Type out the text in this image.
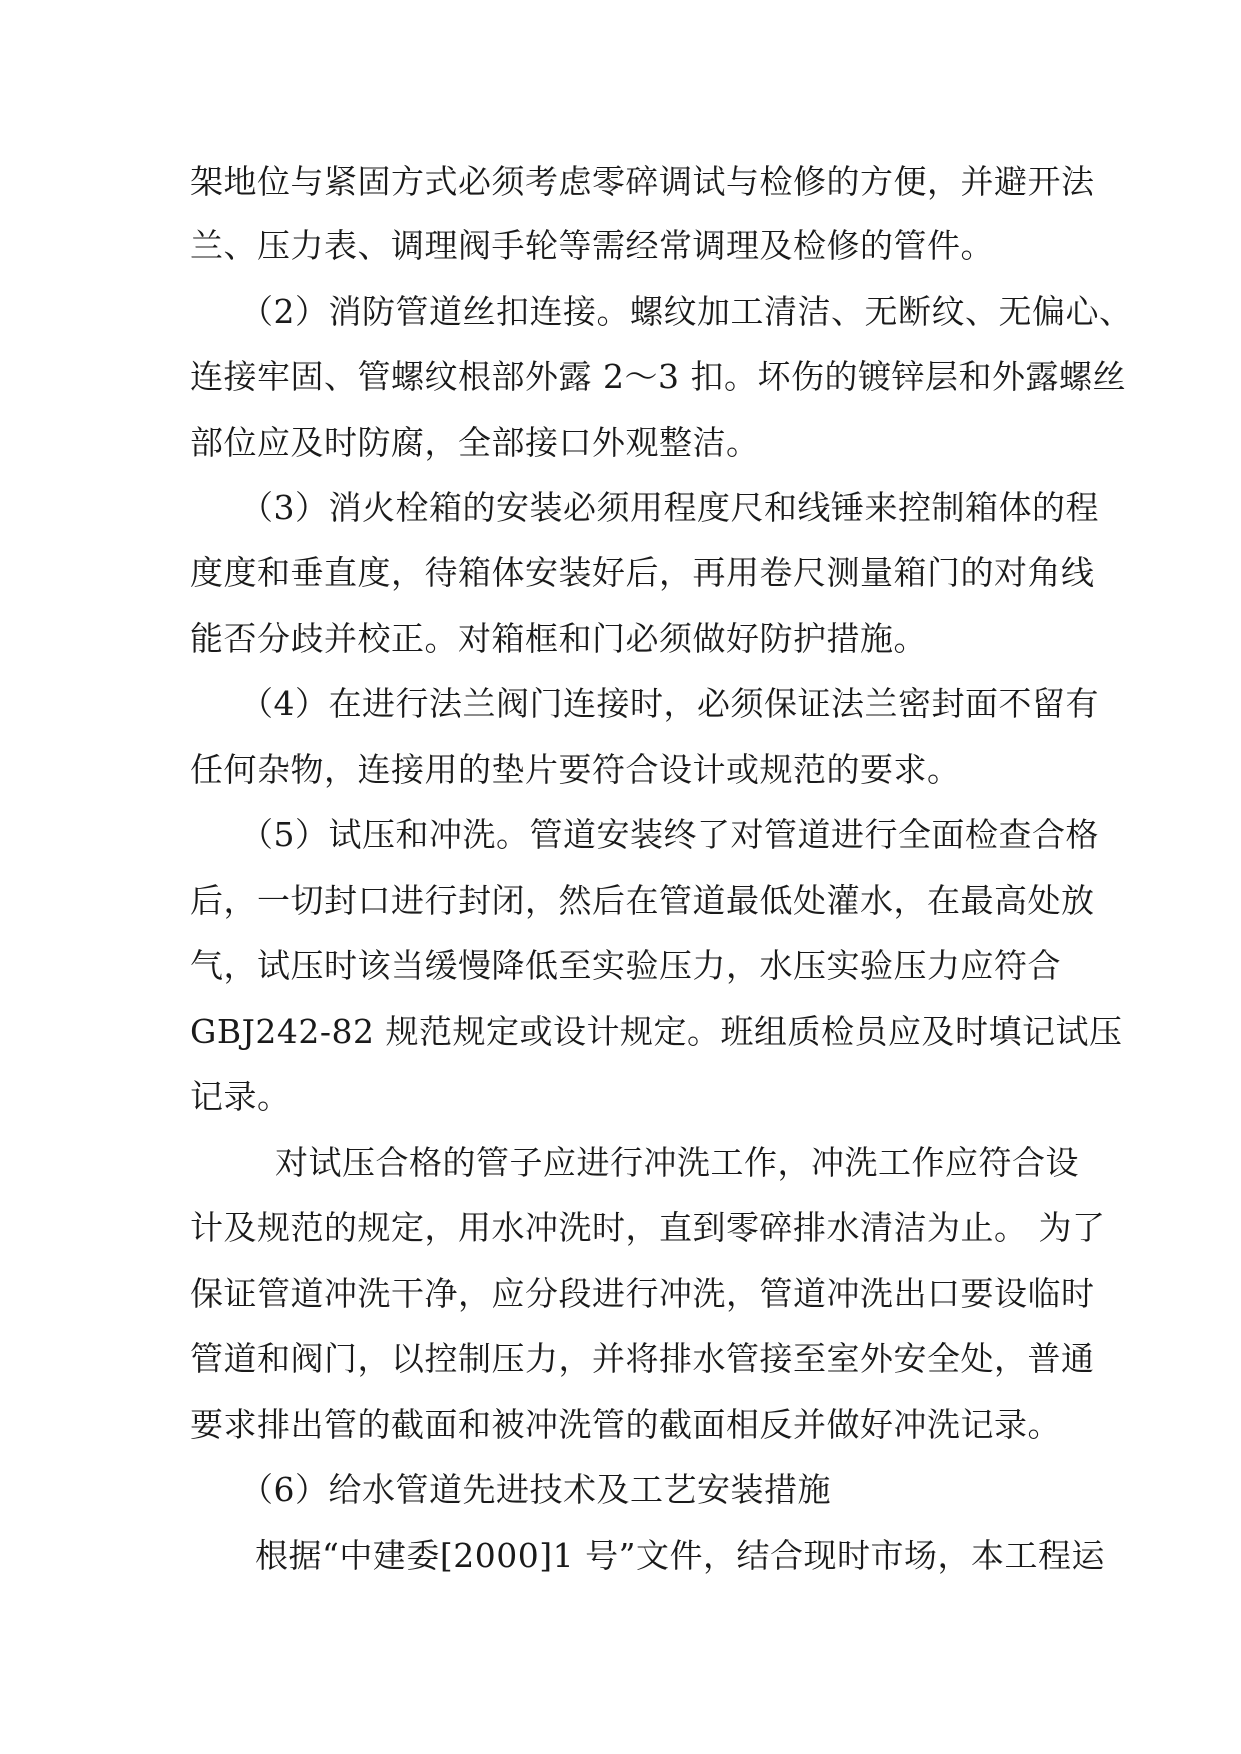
架地位与紧固方式必须考虑零碎调试与检修的方便，并避开法
兰、压力表、调理阀手轮等需经常调理及检修的管件。
（2）消防管道丝扣连接。螺纹加工清洁、无断纹、无偏心、
连接牢固、管螺纹根部外露 2～3 扣。坏伤的镀锌层和外露螺丝
部位应及时防腐，全部接口外观整洁。
（3）消火栓箱的安装必须用程度尺和线锤来控制箱体的程
度度和垂直度，待箱体安装好后，再用卷尺测量箱门的对角线
能否分歧并校正。对箱框和门必须做好防护措施。
（4）在进行法兰阀门连接时，必须保证法兰密封面不留有
任何杂物，连接用的垫片要符合设计或规范的要求。
（5）试压和冲洗。管道安装终了对管道进行全面检查合格
后，一切封口进行封闭，然后在管道最低处灌水，在最高处放
气，试压时该当缓慢降低至实验压力，水压实验压力应符合
GBJ242-82 规范规定或设计规定。班组质检员应及时填记试压
记录。
对试压合格的管子应进行冲洗工作，冲洗工作应符合设
计及规范的规定，用水冲洗时，直到零碎排水清洁为止。 为了
保证管道冲洗干净，应分段进行冲洗，管道冲洗出口要设临时
管道和阀门，以控制压力，并将排水管接至室外安全处，普通
要求排出管的截面和被冲洗管的截面相反并做好冲洗记录。
（6）给水管道先进技术及工艺安装措施
根据“中建委[2000]1 号”文件，结合现时市场，本工程运
